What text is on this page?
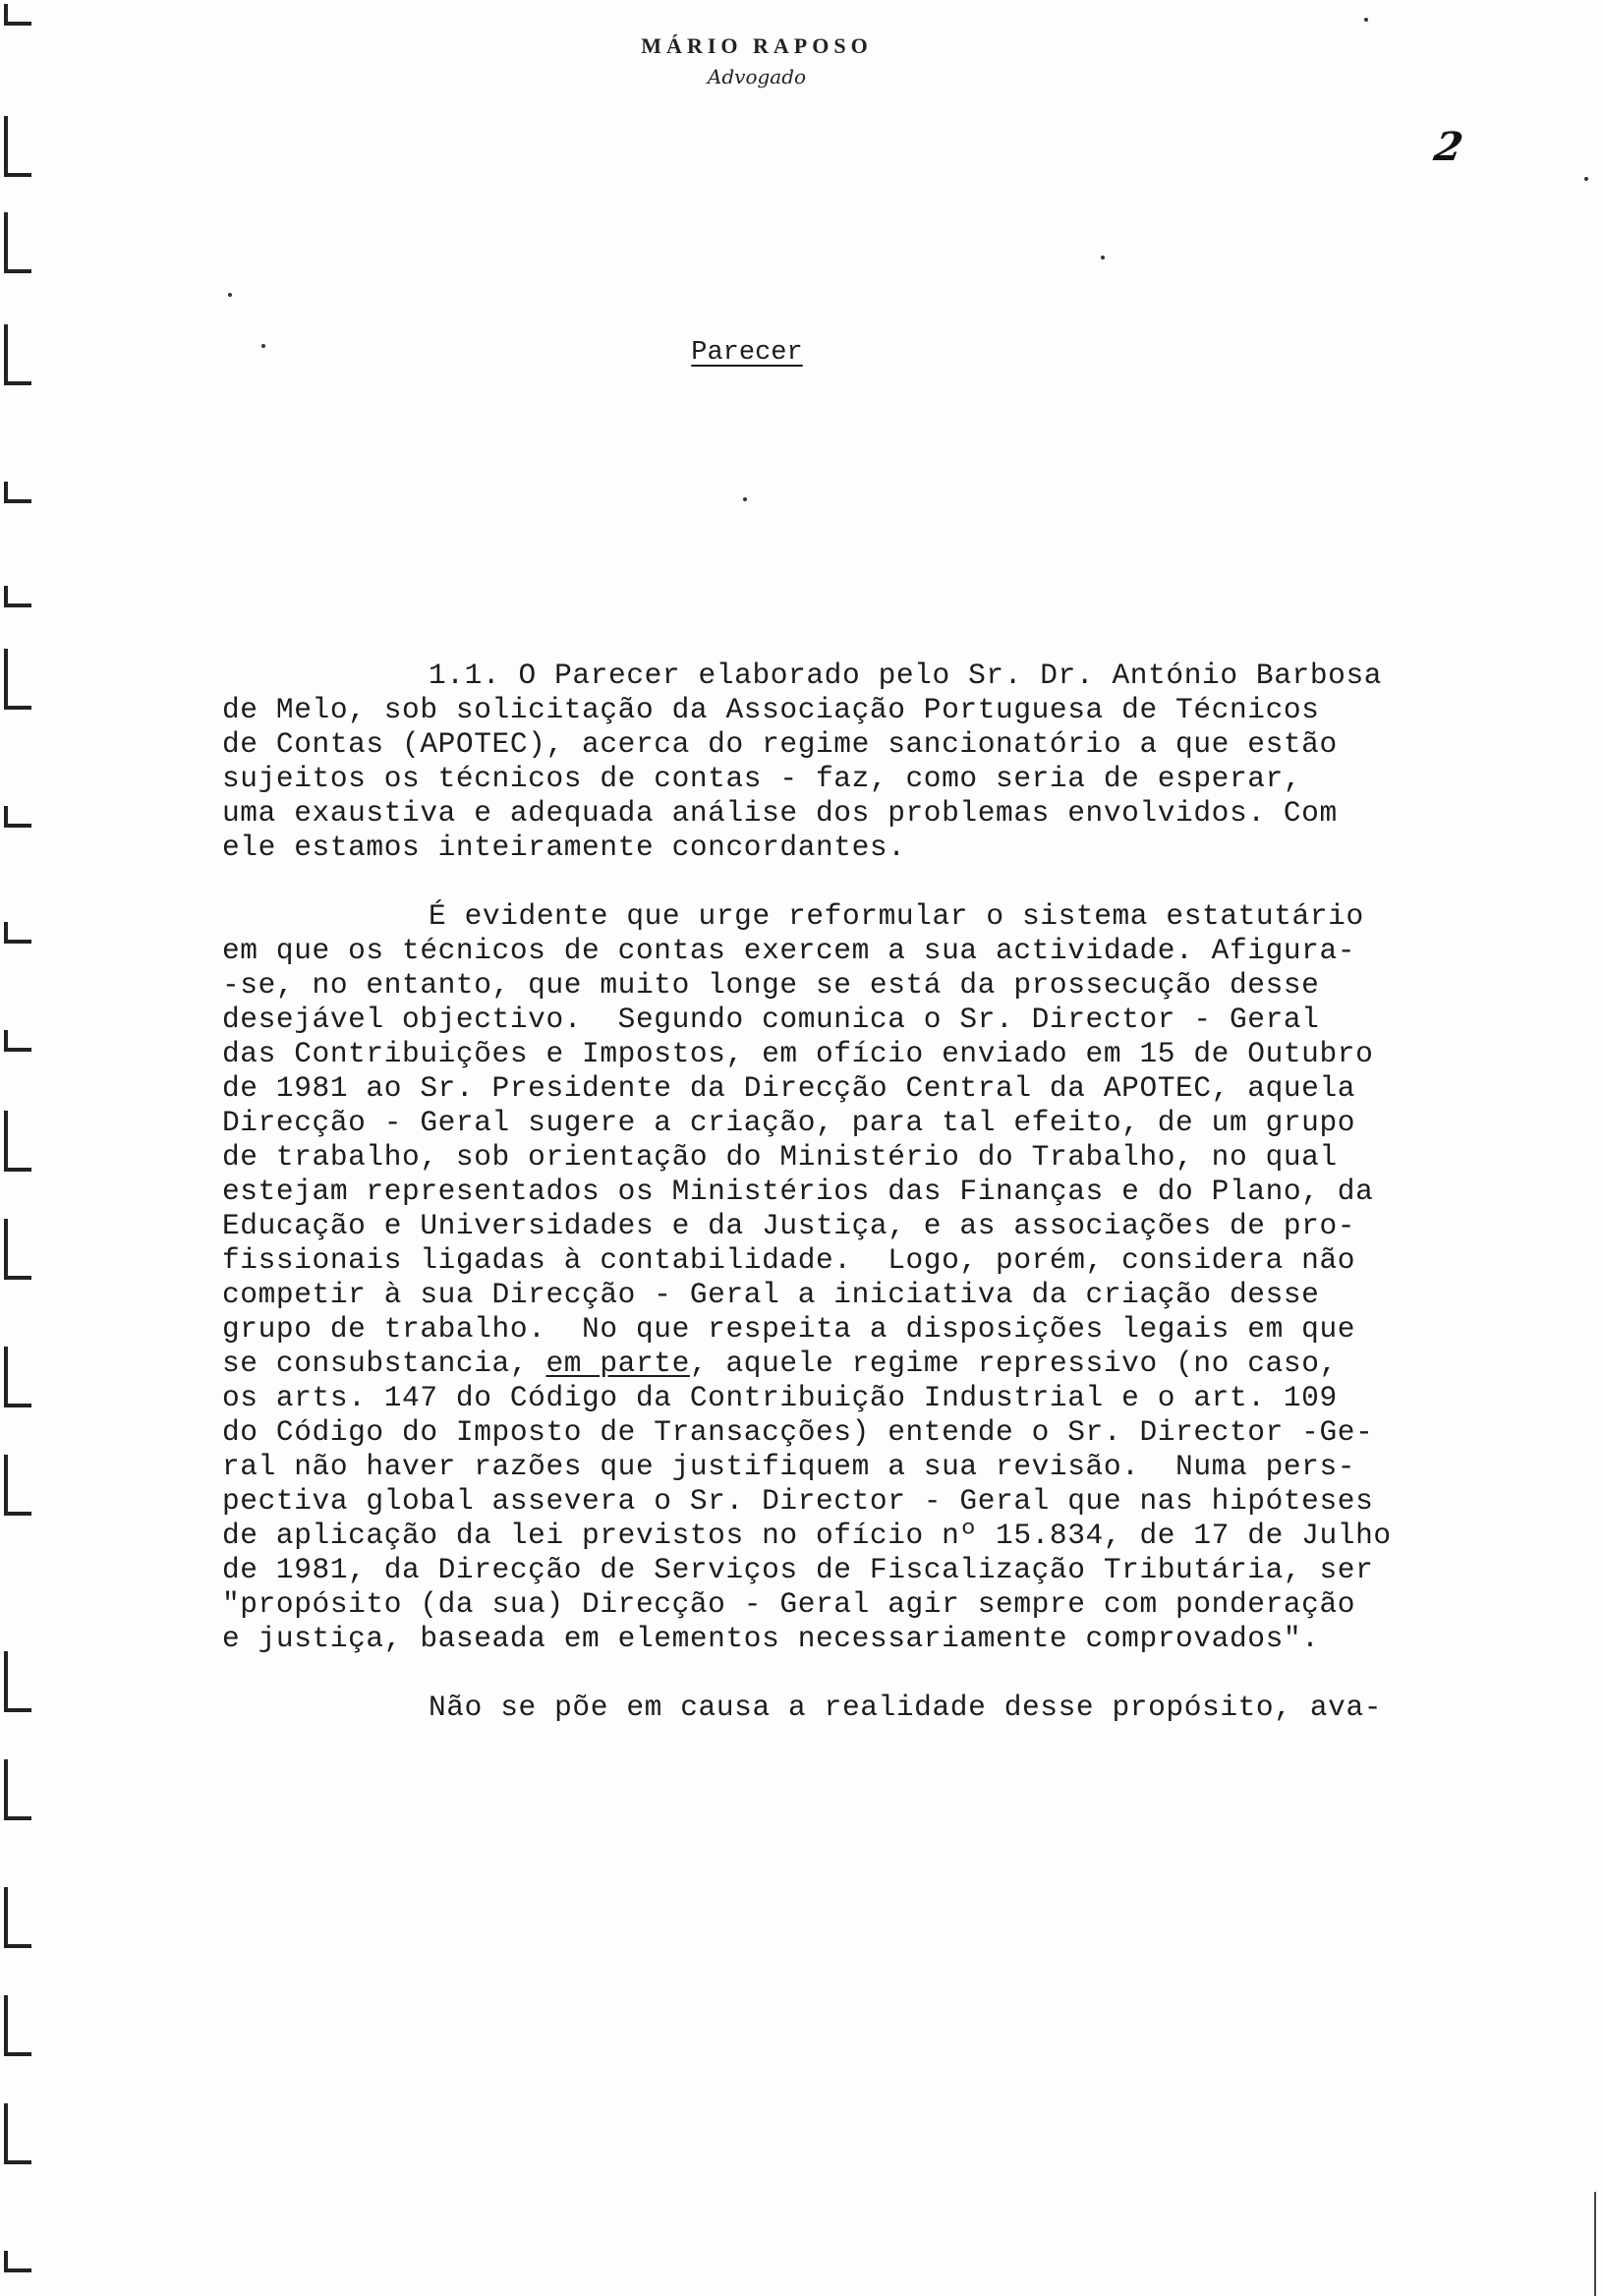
MÁRIO RAPOSO
Advogado
2
Parecer

1.1. O Parecer elaborado pelo Sr. Dr. António Barbosa
de Melo, sob solicitação da Associação Portuguesa de Técnicos
de Contas (APOTEC), acerca do regime sancionatório a que estão
sujeitos os técnicos de contas - faz, como seria de esperar,
uma exaustiva e adequada análise dos problemas envolvidos. Com
ele estamos inteiramente concordantes.

É evidente que urge reformular o sistema estatutário
em que os técnicos de contas exercem a sua actividade. Afigura-
-se, no entanto, que muito longe se está da prossecução desse
desejável objectivo.  Segundo comunica o Sr. Director - Geral
das Contribuições e Impostos, em ofício enviado em 15 de Outubro
de 1981 ao Sr. Presidente da Direcção Central da APOTEC, aquela
Direcção - Geral sugere a criação, para tal efeito, de um grupo
de trabalho, sob orientação do Ministério do Trabalho, no qual
estejam representados os Ministérios das Finanças e do Plano, da
Educação e Universidades e da Justiça, e as associações de pro-
fissionais ligadas à contabilidade.  Logo, porém, considera não
competir à sua Direcção - Geral a iniciativa da criação desse
grupo de trabalho.  No que respeita a disposições legais em que
se consubstancia, em parte, aquele regime repressivo (no caso,
os arts. 147 do Código da Contribuição Industrial e o art. 109
do Código do Imposto de Transacções) entende o Sr. Director -Ge-
ral não haver razões que justifiquem a sua revisão.  Numa pers-
pectiva global assevera o Sr. Director - Geral que nas hipóteses
de aplicação da lei previstos no ofício nº 15.834, de 17 de Julho
de 1981, da Direcção de Serviços de Fiscalização Tributária, ser
"propósito (da sua) Direcção - Geral agir sempre com ponderação
e justiça, baseada em elementos necessariamente comprovados".

Não se põe em causa a realidade desse propósito, ava-
